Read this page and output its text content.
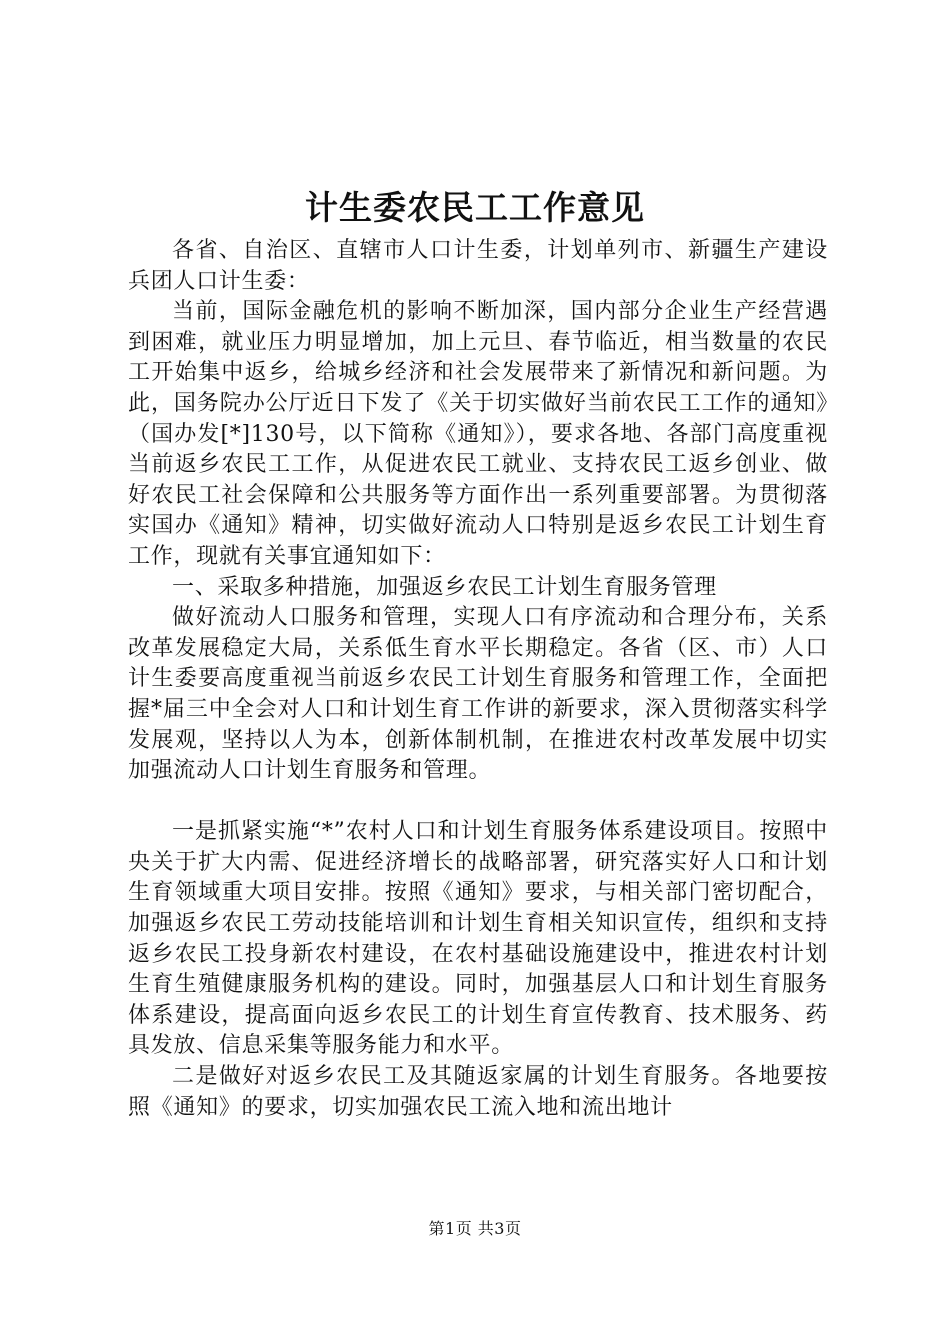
计生委农民工工作意见

各省、自治区、直辖市人口计生委，计划单列市、新疆生产建设兵团人口计生委：

当前，国际金融危机的影响不断加深，国内部分企业生产经营遇到困难，就业压力明显增加，加上元旦、春节临近，相当数量的农民工开始集中返乡，给城乡经济和社会发展带来了新情况和新问题。为此，国务院办公厅近日下发了《关于切实做好当前农民工工作的通知》（国办发[*]130号，以下简称《通知》），要求各地、各部门高度重视当前返乡农民工工作，从促进农民工就业、支持农民工返乡创业、做好农民工社会保障和公共服务等方面作出一系列重要部署。为贯彻落实国办《通知》精神，切实做好流动人口特别是返乡农民工计划生育工作，现就有关事宜通知如下：

一、采取多种措施，加强返乡农民工计划生育服务管理

做好流动人口服务和管理，实现人口有序流动和合理分布，关系改革发展稳定大局，关系低生育水平长期稳定。各省（区、市）人口计生委要高度重视当前返乡农民工计划生育服务和管理工作，全面把握*届三中全会对人口和计划生育工作讲的新要求，深入贯彻落实科学发展观，坚持以人为本，创新体制机制，在推进农村改革发展中切实加强流动人口计划生育服务和管理。

一是抓紧实施“*”农村人口和计划生育服务体系建设项目。按照中央关于扩大内需、促进经济增长的战略部署，研究落实好人口和计划生育领域重大项目安排。按照《通知》要求，与相关部门密切配合，加强返乡农民工劳动技能培训和计划生育相关知识宣传，组织和支持返乡农民工投身新农村建设，在农村基础设施建设中，推进农村计划生育生殖健康服务机构的建设。同时，加强基层人口和计划生育服务体系建设，提高面向返乡农民工的计划生育宣传教育、技术服务、药具发放、信息采集等服务能力和水平。

二是做好对返乡农民工及其随返家属的计划生育服务。各地要按照《通知》的要求，切实加强农民工流入地和流出地计

第1页 共3页
